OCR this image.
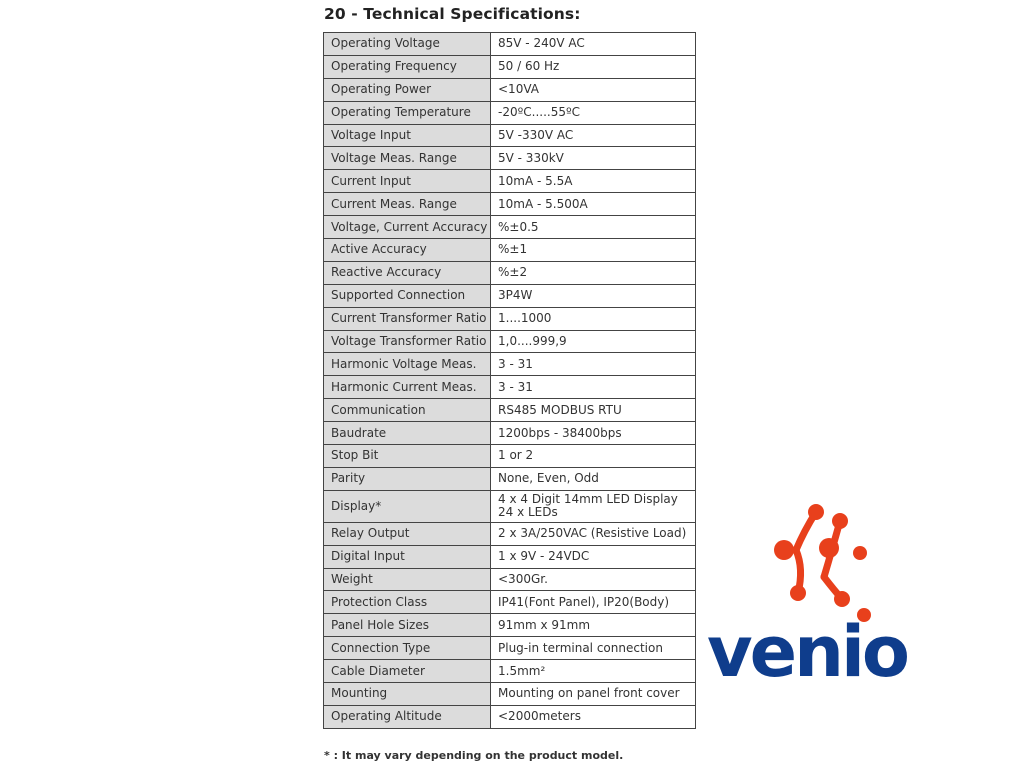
20 - Technical Specifications:
Operating Voltage	85V - 240V AC
Operating Frequency	50 / 60 Hz
Operating Power	<10VA
Operating Temperature	-20ºC.....55ºC
Voltage Input	5V -330V AC
Voltage Meas. Range	5V - 330kV
Current Input	10mA - 5.5A
Current Meas. Range	10mA - 5.500A
Voltage, Current Accuracy	%±0.5
Active Accuracy	%±1
Reactive Accuracy	%±2
Supported Connection	3P4W
Current Transformer Ratio	1....1000
Voltage Transformer Ratio	1,0....999,9
Harmonic Voltage Meas.	3 - 31
Harmonic Current Meas.	3 - 31
Communication	RS485 MODBUS RTU
Baudrate	1200bps - 38400bps
Stop Bit	1 or 2
Parity	None, Even, Odd
Display*	4 x 4 Digit 14mm LED Display
24 x LEDs
Relay Output	2 x 3A/250VAC (Resistive Load)
Digital Input	1 x 9V - 24VDC
Weight	<300Gr.
Protection Class	IP41(Font Panel), IP20(Body)
Panel Hole Sizes	91mm x 91mm
Connection Type	Plug-in terminal connection
Cable Diameter	1.5mm²
Mounting	Mounting on panel front cover
Operating Altitude	<2000meters
* : It may vary depending on the product model.
venio
